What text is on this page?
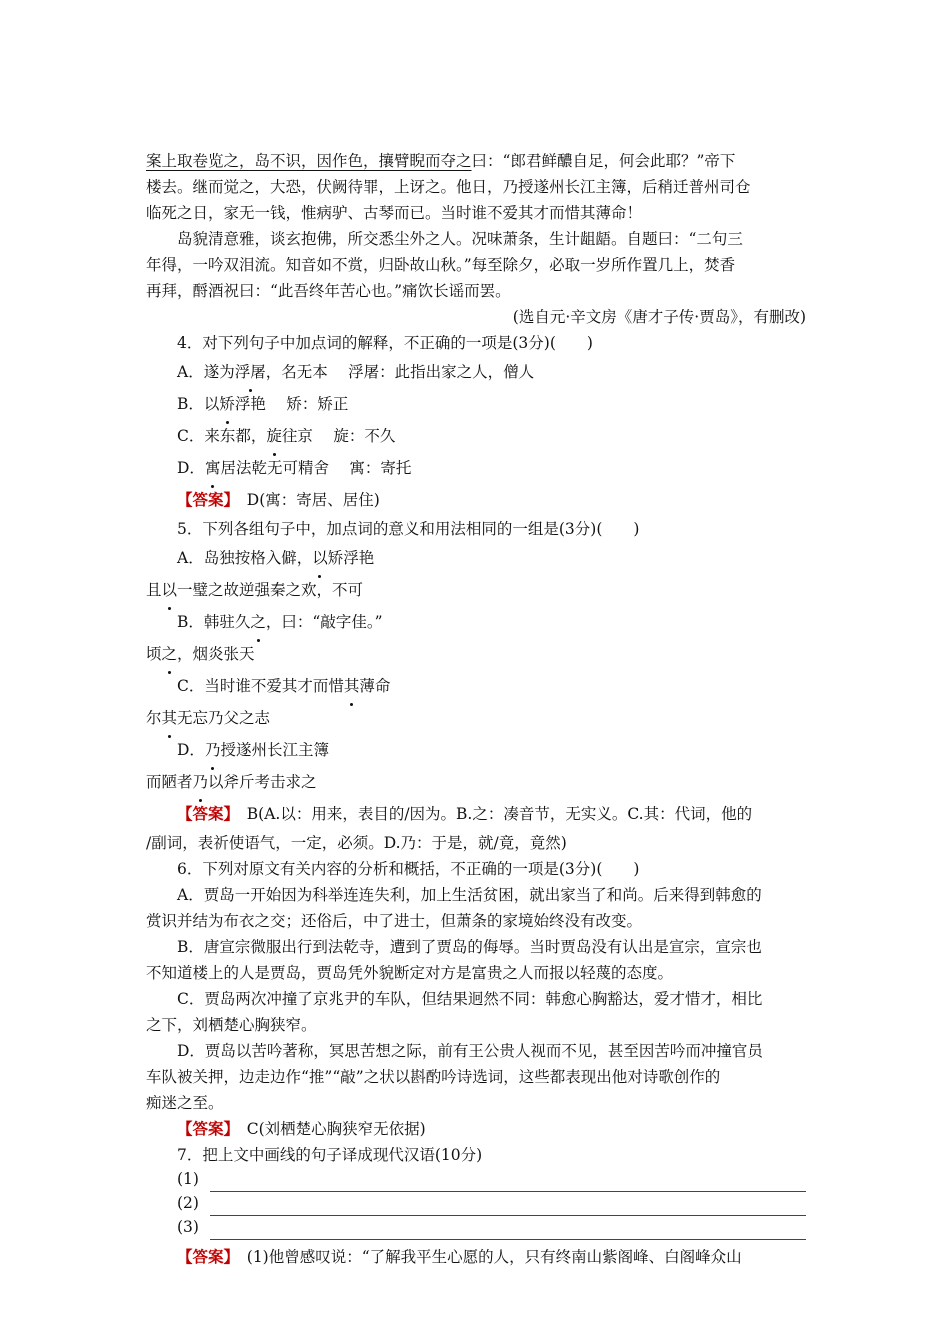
案上取卷览之，岛不识，因作色，攘臂睨而夺之曰：“郎君鲜醲自足，何会此耶？”帝下
楼去。继而觉之，大恐，伏阙待罪，上讶之。他日，乃授遂州长江主簿，后稍迁普州司仓
临死之日，家无一钱，惟病驴、古琴而已。当时谁不爱其才而惜其薄命！
岛貌清意雅，谈玄抱佛，所交悉尘外之人。况味萧条，生计龃龉。自题曰：“二句三
年得，一吟双泪流。知音如不赏，归卧故山秋。”每至除夕，必取一岁所作置几上，焚香
再拜，酹酒祝曰：“此吾终年苦心也。”痛饮长谣而罢。
(选自元·辛文房《唐才子传·贾岛》，有删改)
4．对下列句子中加点词的解释，不正确的一项是(3分)(　　)
A．遂为浮屠，名无本　 浮屠：此指出家之人，僧人
B．以矫浮艳　 矫：矫正
C．来东都，旋往京　 旋：不久
D．寓居法乾无可精舍　 寓：寄托
【答案】　D(寓：寄居、居住)
5．下列各组句子中，加点词的意义和用法相同的一组是(3分)(　　)
A．岛独按格入僻，以矫浮艳
且以一璧之故逆强秦之欢，不可
B．韩驻久之，曰：“敲字佳。”
顷之，烟炎张天
C．当时谁不爱其才而惜其薄命
尔其无忘乃父之志
D．乃授遂州长江主簿
而陋者乃以斧斤考击求之
【答案】　B(A.以：用来，表目的/因为。B.之：凑音节，无实义。C.其：代词，他的
/副词，表祈使语气，一定，必须。D.乃：于是，就/竟，竟然)
6．下列对原文有关内容的分析和概括，不正确的一项是(3分)(　　)
A．贾岛一开始因为科举连连失利，加上生活贫困，就出家当了和尚。后来得到韩愈的
赏识并结为布衣之交；还俗后，中了进士，但萧条的家境始终没有改变。
B．唐宣宗微服出行到法乾寺，遭到了贾岛的侮辱。当时贾岛没有认出是宣宗，宣宗也
不知道楼上的人是贾岛，贾岛凭外貌断定对方是富贵之人而报以轻蔑的态度。
C．贾岛两次冲撞了京兆尹的车队，但结果迥然不同：韩愈心胸豁达，爱才惜才，相比
之下，刘栖楚心胸狭窄。
D．贾岛以苦吟著称，冥思苦想之际，前有王公贵人视而不见，甚至因苦吟而冲撞官员
车队被关押，边走边作“推”“敲”之状以斟酌吟诗选词，这些都表现出他对诗歌创作的
痴迷之至。
【答案】　C(刘栖楚心胸狭窄无依据)
7．把上文中画线的句子译成现代汉语(10分)
(1)
(2)
(3)
【答案】　(1)他曾感叹说：“了解我平生心愿的人，只有终南山紫阁峰、白阁峰众山
